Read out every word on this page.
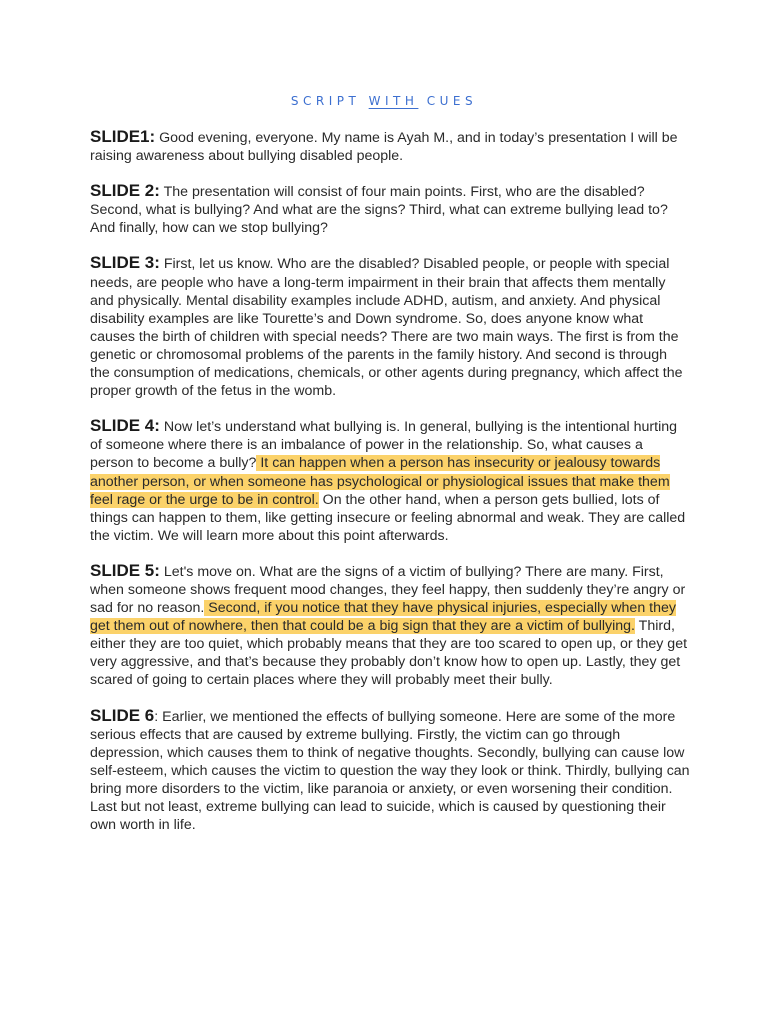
SCRIPT WITH CUES

SLIDE1: Good evening, everyone. My name is Ayah M., and in today’s presentation I will be raising awareness about bullying disabled people.

SLIDE 2: The presentation will consist of four main points. First, who are the disabled? Second, what is bullying? And what are the signs? Third, what can extreme bullying lead to? And finally, how can we stop bullying?

SLIDE 3: First, let us know. Who are the disabled? Disabled people, or people with special needs, are people who have a long-term impairment in their brain that affects them mentally and physically. Mental disability examples include ADHD, autism, and anxiety. And physical disability examples are like Tourette’s and Down syndrome. So, does anyone know what causes the birth of children with special needs? There are two main ways. The first is from the genetic or chromosomal problems of the parents in the family history. And second is through the consumption of medications, chemicals, or other agents during pregnancy, which affect the proper growth of the fetus in the womb.

SLIDE 4: Now let’s understand what bullying is. In general, bullying is the intentional hurting of someone where there is an imbalance of power in the relationship. So, what causes a person to become a bully? It can happen when a person has insecurity or jealousy towards another person, or when someone has psychological or physiological issues that make them feel rage or the urge to be in control. On the other hand, when a person gets bullied, lots of things can happen to them, like getting insecure or feeling abnormal and weak. They are called the victim. We will learn more about this point afterwards.

SLIDE 5: Let's move on. What are the signs of a victim of bullying? There are many. First, when someone shows frequent mood changes, they feel happy, then suddenly they’re angry or sad for no reason. Second, if you notice that they have physical injuries, especially when they get them out of nowhere, then that could be a big sign that they are a victim of bullying. Third, either they are too quiet, which probably means that they are too scared to open up, or they get very aggressive, and that’s because they probably don’t know how to open up. Lastly, they get scared of going to certain places where they will probably meet their bully.

SLIDE 6: Earlier, we mentioned the effects of bullying someone. Here are some of the more serious effects that are caused by extreme bullying. Firstly, the victim can go through depression, which causes them to think of negative thoughts. Secondly, bullying can cause low self-esteem, which causes the victim to question the way they look or think. Thirdly, bullying can bring more disorders to the victim, like paranoia or anxiety, or even worsening their condition. Last but not least, extreme bullying can lead to suicide, which is caused by questioning their own worth in life.
